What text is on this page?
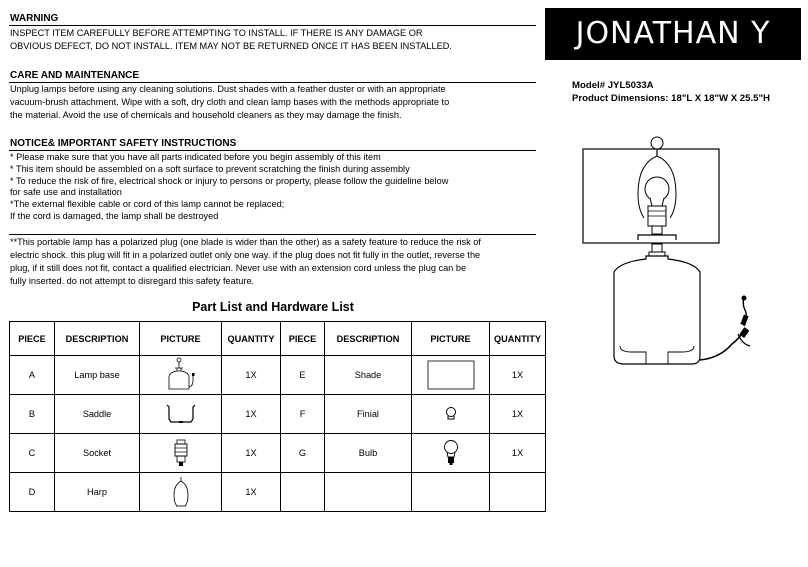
WARNING
INSPECT ITEM CAREFULLY BEFORE ATTEMPTING TO INSTALL. IF THERE IS ANY DAMAGE OR
OBVIOUS DEFECT, DO NOT INSTALL. ITEM MAY NOT BE RETURNED ONCE IT HAS BEEN INSTALLED.
CARE AND MAINTENANCE
Unplug lamps before using any cleaning solutions. Dust shades with a feather duster or with an appropriate
vacuum-brush attachment. Wipe with a soft, dry cloth and clean lamp bases with the methods appropriate to
the material. Avoid the use of chemicals and household cleaners as they may damage the finish.
NOTICE& IMPORTANT SAFETY INSTRUCTIONS
* Please make sure that you have all parts indicated before you begin assembly of this item
* This item should be assembled on a soft surface to prevent scratching the finish during assembly
* To reduce the risk of fire, electrical shock or injury to persons or property, please follow the guideline below
for safe use and installation
*The external flexible cable or cord of this lamp cannot be replaced;
If the cord is damaged, the lamp shall be destroyed
**This portable lamp has a polarized plug (one blade is wider than the other) as a safety feature to reduce the risk of
electric shock. this plug will fit in a polarized outlet only one way. if the plug does not fit fully in the outlet, reverse the
plug, if it still does not fit, contact a qualified electrician. Never use with an extension cord unless the plug can be
fully inserted. do not attempt to disregard this safety feature.
JONATHAN Y
Model# JYL5033A
Product Dimensions: 18"L X 18"W X 25.5"H
Part List and Hardware List
PIECE	DESCRIPTION	PICTURE	QUANTITY	PIECE	DESCRIPTION	PICTURE	QUANTITY
A	Lamp base		1X	E	Shade		1X
B	Saddle		1X	F	Finial		1X
C	Socket		1X	G	Bulb		1X
D	Harp		1X				
